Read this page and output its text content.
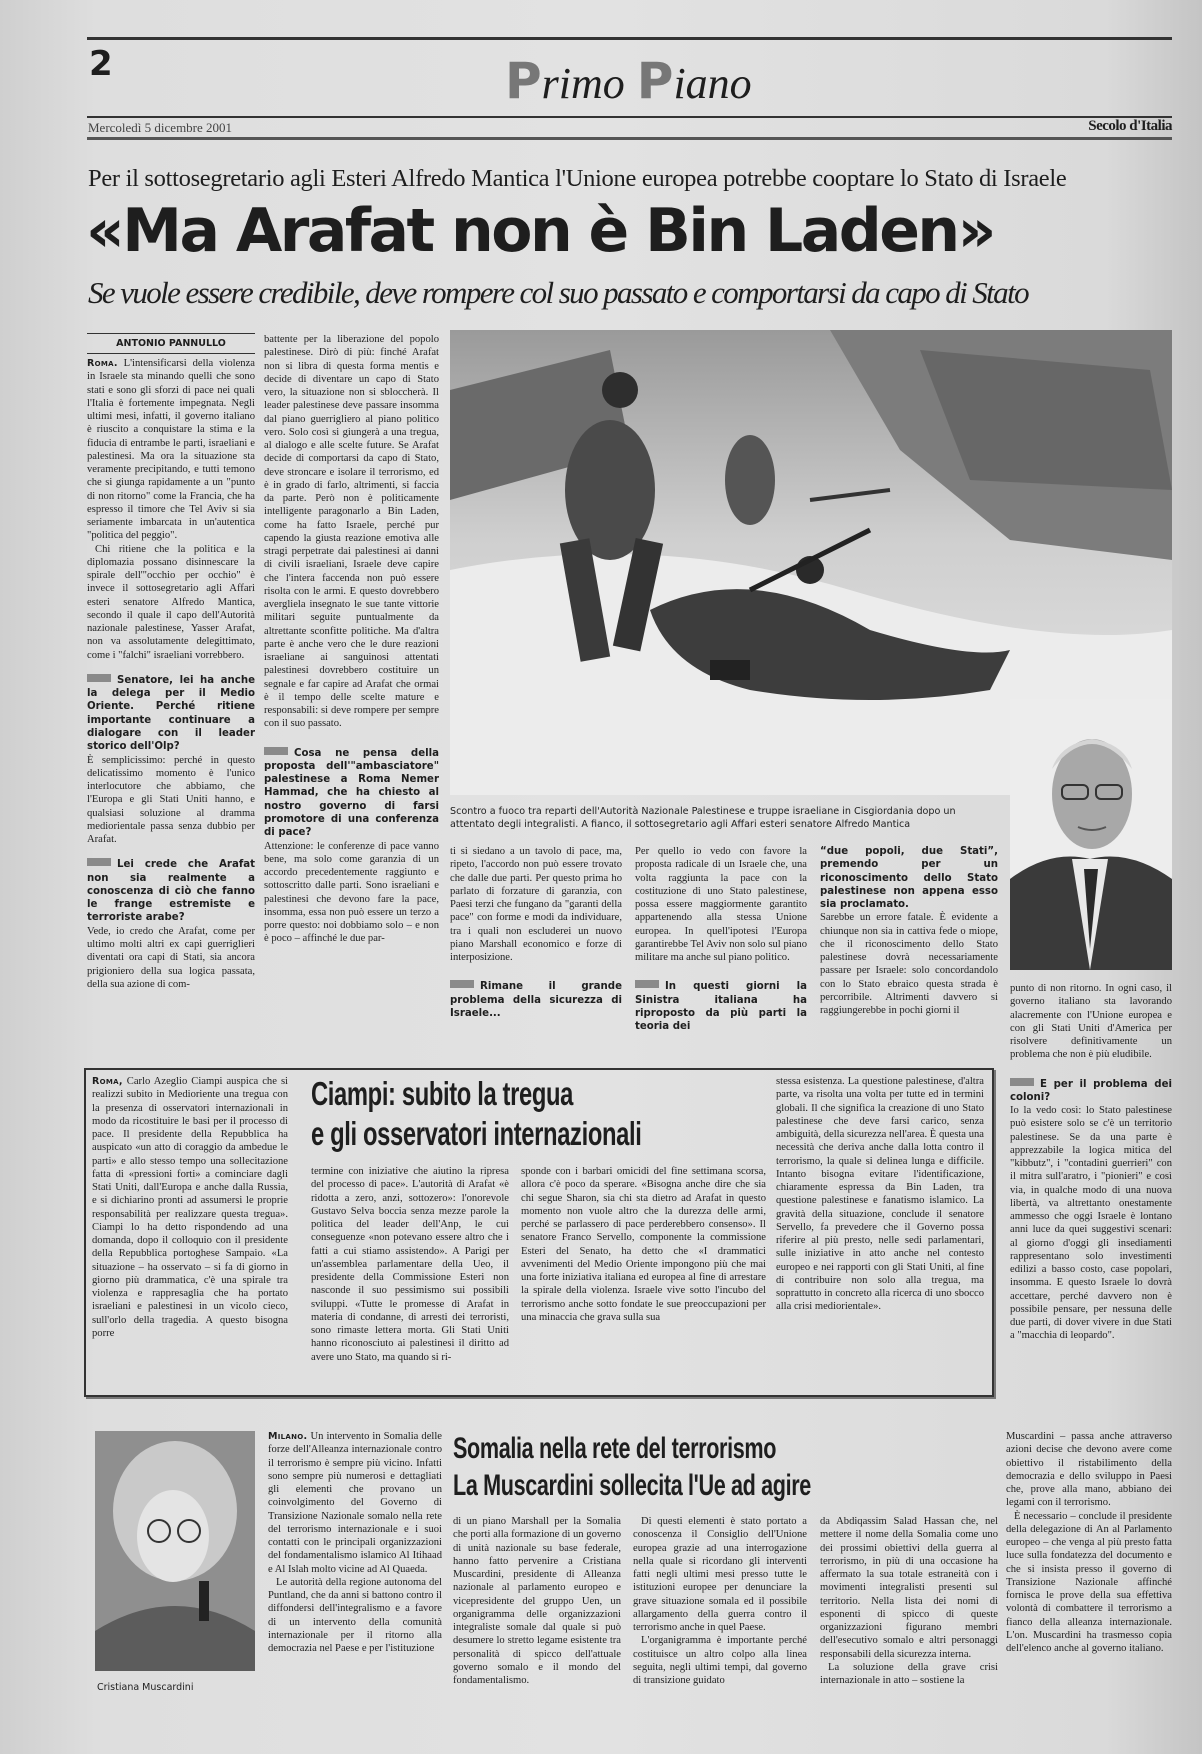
2	Primo Piano
Mercoledì 5 dicembre 2001	Secolo d'Italia
Per il sottosegretario agli Esteri Alfredo Mantica l'Unione europea potrebbe cooptare lo Stato di Israele
«Ma Arafat non è Bin Laden»
Se vuole essere credibile, deve rompere col suo passato e comportarsi da capo di Stato
ANTONIO PANNULLO

Roma. L'intensificarsi della violenza in Israele sta minando quelli che sono stati e sono gli sforzi di pace nei quali l'Italia è fortemente impegnata. Negli ultimi mesi, infatti, il governo italiano è riuscito a conquistare la stima e la fiducia di entrambe le parti, israeliani e palestinesi. Ma ora la situazione sta veramente precipitando, e tutti temono che si giunga rapidamente a un "punto di non ritorno" come la Francia, che ha espresso il timore che Tel Aviv si sia seriamente imbarcata in un'autentica "politica del peggio".

Chi ritiene che la politica e la diplomazia possano disinnescare la spirale dell'"occhio per occhio" è invece il sottosegretario agli Affari esteri senatore Alfredo Mantica, secondo il quale il capo dell'Autorità nazionale palestinese, Yasser Arafat, non va assolutamente delegittimato, come i "falchi" israeliani vorrebbero.

Senatore, lei ha anche la delega per il Medio Oriente. Perché ritiene importante continuare a dialogare con il leader storico dell'Olp?

È semplicissimo: perché in questo delicatissimo momento è l'unico interlocutore che abbiamo, che l'Europa e gli Stati Uniti hanno, e qualsiasi soluzione al dramma mediorientale passa senza dubbio per Arafat.

Lei crede che Arafat non sia realmente a conoscenza di ciò che fanno le frange estremiste e terroriste arabe?

Vede, io credo che Arafat, come per ultimo molti altri ex capi guerriglieri diventati ora capi di Stati, sia ancora prigioniero della sua logica passata, della sua azione di com-

battente per la liberazione del popolo palestinese. Dirò di più: finché Arafat non si libra di questa forma mentis e decide di diventare un capo di Stato vero, la situazione non si sbloccherà. Il leader palestinese deve passare insomma dal piano guerrigliero al piano politico vero. Solo così si giungerà a una tregua, al dialogo e alle scelte future. Se Arafat decide di comportarsi da capo di Stato, deve stroncare e isolare il terrorismo, ed è in grado di farlo, altrimenti, si faccia da parte. Però non è politicamente intelligente paragonarlo a Bin Laden, come ha fatto Israele, perché pur capendo la giusta reazione emotiva alle stragi perpetrate dai palestinesi ai danni di civili israeliani, Israele deve capire che l'intera faccenda non può essere risolta con le armi. E questo dovrebbero avergliela insegnato le sue tante vittorie militari seguite puntualmente da altrettante sconfitte politiche. Ma d'altra parte è anche vero che le dure reazioni israeliane ai sanguinosi attentati palestinesi dovrebbero costituire un segnale e far capire ad Arafat che ormai è il tempo delle scelte mature e responsabili: si deve rompere per sempre con il suo passato.

Cosa ne pensa della proposta dell'"ambasciatore" palestinese a Roma Nemer Hammad, che ha chiesto al nostro governo di farsi promotore di una conferenza di pace?

Attenzione: le conferenze di pace vanno bene, ma solo come garanzia di un accordo precedentemente raggiunto e sottoscritto dalle parti. Sono israeliani e palestinesi che devono fare la pace, insomma, essa non può essere un terzo a porre questo: noi dobbiamo solo – e non è poco – affinché le due par-

Scontro a fuoco tra reparti dell'Autorità Nazionale Palestinese e truppe israeliane in Cisgiordania dopo un attentato degli integralisti. A fianco, il sottosegretario agli Affari esteri senatore Alfredo Mantica

ti si siedano a un tavolo di pace, ma, ripeto, l'accordo non può essere trovato che dalle due parti. Per questo prima ho parlato di forzature di garanzia, con Paesi terzi che fungano da "garanti della pace" con forme e modi da individuare, tra i quali non escluderei un nuovo piano Marshall economico e forze di interposizione.

Rimane il grande problema della sicurezza di Israele...

Per quello io vedo con favore la proposta radicale di un Israele che, una volta raggiunta la pace con la costituzione di uno Stato palestinese, possa essere maggiormente garantito appartenendo alla stessa Unione europea. In quell'ipotesi l'Europa garantirebbe Tel Aviv non solo sul piano militare ma anche sul piano politico.

In questi giorni la Sinistra italiana ha riproposto da più parti la teoria dei
“due popoli, due Stati”, premendo per un riconoscimento dello Stato palestinese non appena esso sia proclamato.

Sarebbe un errore fatale. È evidente a chiunque non sia in cattiva fede o miope, che il riconoscimento dello Stato palestinese dovrà necessariamente passare per Israele: solo concordandolo con lo Stato ebraico questa strada è percorribile. Altrimenti davvero si raggiungerebbe in pochi giorni il

punto di non ritorno. In ogni caso, il governo italiano sta lavorando alacremente con l'Unione europea e con gli Stati Uniti d'America per risolvere definitivamente un problema che non è più eludibile.

E per il problema dei coloni?

Io la vedo così: lo Stato palestinese può esistere solo se c'è un territorio palestinese. Se da una parte è apprezzabile la logica mitica del "kibbutz", i "contadini guerrieri" con il mitra sull'aratro, i "pionieri" e così via, in qualche modo di una nuova libertà, va altrettanto onestamente ammesso che oggi Israele è lontano anni luce da quei suggestivi scenari: al giorno d'oggi gli insediamenti rappresentano solo investimenti edilizi a basso costo, case popolari, insomma. E questo Israele lo dovrà accettare, perché davvero non è possibile pensare, per nessuna delle due parti, di dover vivere in due Stati a "macchia di leopardo".

Roma, Carlo Azeglio Ciampi auspica che si realizzi subito in Medioriente una tregua con la presenza di osservatori internazionali in modo da ricostituire le basi per il processo di pace. Il presidente della Repubblica ha auspicato «un atto di coraggio da ambedue le parti» e allo stesso tempo una sollecitazione fatta di «pressioni forti» a cominciare dagli Stati Uniti, dall'Europa e anche dalla Russia, e si dichiarino pronti ad assumersi le proprie responsabilità per realizzare questa tregua». Ciampi lo ha detto rispondendo ad una domanda, dopo il colloquio con il presidente della Repubblica portoghese Sampaio. «La situazione – ha osservato – si fa di giorno in giorno più drammatica, c'è una spirale tra violenza e rappresaglia che ha portato israeliani e palestinesi in un vicolo cieco, sull'orlo della tragedia. A questo bisogna porre

Ciampi: subito la tregua
e gli osservatori internazionali

termine con iniziative che aiutino la ripresa del processo di pace». L'autorità di Arafat «è ridotta a zero, anzi, sottozero»: l'onorevole Gustavo Selva boccia senza mezze parole la politica del leader dell'Anp, le cui conseguenze «non potevano essere altro che i fatti a cui stiamo assistendo». A Parigi per un'assemblea parlamentare della Ueo, il presidente della Commissione Esteri non nasconde il suo pessimismo sui possibili sviluppi. «Tutte le promesse di Arafat in materia di condanne, di arresti dei terroristi, sono rimaste lettera morta. Gli Stati Uniti hanno riconosciuto ai palestinesi il diritto ad avere uno Stato, ma quando si ri-

sponde con i barbari omicidi del fine settimana scorsa, allora c'è poco da sperare. «Bisogna anche dire che sia chi segue Sharon, sia chi sta dietro ad Arafat in questo momento non vuole altro che la durezza delle armi, perché se parlassero di pace perderebbero consenso». Il senatore Franco Servello, componente la commissione Esteri del Senato, ha detto che «I drammatici avvenimenti del Medio Oriente impongono più che mai una forte iniziativa italiana ed europea al fine di arrestare la spirale della violenza. Israele vive sotto l'incubo del terrorismo anche sotto fondate le sue preoccupazioni per una minaccia che grava sulla sua

stessa esistenza. La questione palestinese, d'altra parte, va risolta una volta per tutte ed in termini globali. Il che significa la creazione di uno Stato palestinese che deve farsi carico, senza ambiguità, della sicurezza nell'area. È questa una necessità che deriva anche dalla lotta contro il terrorismo, la quale si delinea lunga e difficile. Intanto bisogna evitare l'identificazione, chiaramente espressa da Bin Laden, tra questione palestinese e fanatismo islamico. La gravità della situazione, conclude il senatore Servello, fa prevedere che il Governo possa riferire al più presto, nelle sedi parlamentari, sulle iniziative in atto anche nel contesto europeo e nei rapporti con gli Stati Uniti, al fine di contribuire non solo alla tregua, ma soprattutto in concreto alla ricerca di uno sbocco alla crisi mediorientale».

Cristiana Muscardini

Milano. Un intervento in Somalia delle forze dell'Alleanza internazionale contro il terrorismo è sempre più vicino. Infatti sono sempre più numerosi e dettagliati gli elementi che provano un coinvolgimento del Governo di Transizione Nazionale somalo nella rete del terrorismo internazionale e i suoi contatti con le principali organizzazioni del fondamentalismo islamico Al Itihaad e Al Islah molto vicine ad Al Quaeda.

Le autorità della regione autonoma del Puntland, che da anni si battono contro il diffondersi dell'integralismo e a favore di un intervento della comunità internazionale per il ritorno alla democrazia nel Paese e per l'istituzione

Somalia nella rete del terrorismo
La Muscardini sollecita l'Ue ad agire

di un piano Marshall per la Somalia che porti alla formazione di un governo di unità nazionale su base federale, hanno fatto pervenire a Cristiana Muscardini, presidente di Alleanza nazionale al parlamento europeo e vicepresidente del gruppo Uen, un organigramma delle organizzazioni integraliste somale dal quale si può desumere lo stretto legame esistente tra personalità di spicco dell'attuale governo somalo e il mondo del fondamentalismo.

Di questi elementi è stato portato a conoscenza il Consiglio dell'Unione europea grazie ad una interrogazione nella quale si ricordano gli interventi fatti negli ultimi mesi presso tutte le istituzioni europee per denunciare la grave situazione somala ed il possibile allargamento della guerra contro il terrorismo anche in quel Paese.

L'organigramma è importante perché costituisce un altro colpo alla linea seguita, negli ultimi tempi, dal governo di transizione guidato

da Abdiqassim Salad Hassan che, nel mettere il nome della Somalia come uno dei prossimi obiettivi della guerra al terrorismo, in più di una occasione ha affermato la sua totale estraneità con i movimenti integralisti presenti sul territorio. Nella lista dei nomi di esponenti di spicco di queste organizzazioni figurano membri dell'esecutivo somalo e altri personaggi responsabili della sicurezza interna.

La soluzione della grave crisi internazionale in atto – sostiene la

Muscardini – passa anche attraverso azioni decise che devono avere come obiettivo il ristabilimento della democrazia e dello sviluppo in Paesi che, prove alla mano, abbiano dei legami con il terrorismo.

È necessario – conclude il presidente della delegazione di An al Parlamento europeo – che venga al più presto fatta luce sulla fondatezza del documento e che si insista presso il governo di Transizione Nazionale affinché fornisca le prove della sua effettiva volontà di combattere il terrorismo a fianco della alleanza internazionale. L'on. Muscardini ha trasmesso copia dell'elenco anche al governo italiano.
